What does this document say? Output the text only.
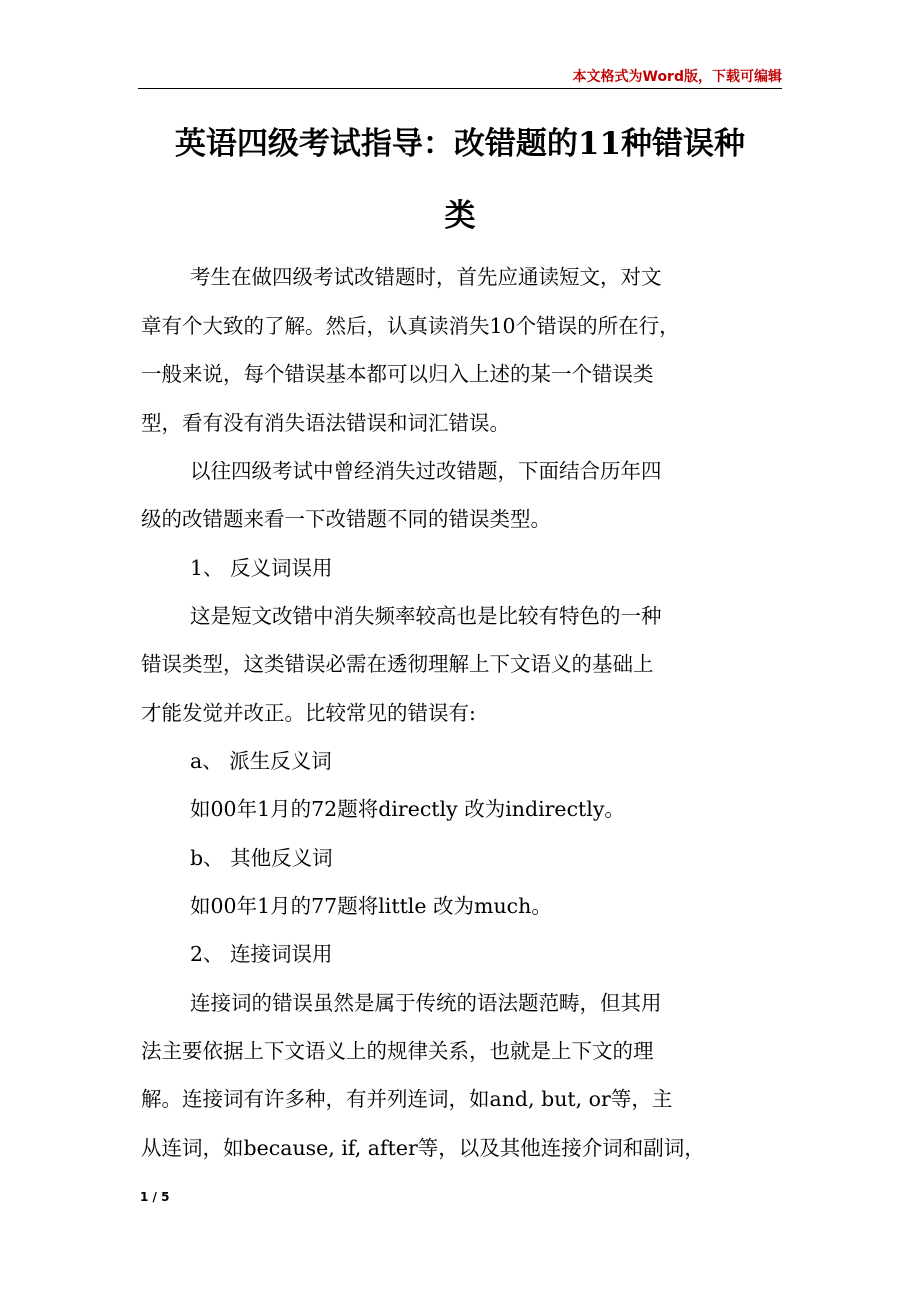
本文格式为Word版，下载可编辑
英语四级考试指导：改错题的11种错误种
类
考生在做四级考试改错题时，首先应通读短文，对文
章有个大致的了解。然后，认真读消失10个错误的所在行，
一般来说，每个错误基本都可以归入上述的某一个错误类
型，看有没有消失语法错误和词汇错误。
以往四级考试中曾经消失过改错题，下面结合历年四
级的改错题来看一下改错题不同的错误类型。
1、 反义词误用
这是短文改错中消失频率较高也是比较有特色的一种
错误类型，这类错误必需在透彻理解上下文语义的基础上
才能发觉并改正。比较常见的错误有:
a、 派生反义词
如00年1月的72题将directly 改为indirectly。
b、 其他反义词
如00年1月的77题将little 改为much。
2、 连接词误用
连接词的错误虽然是属于传统的语法题范畴，但其用
法主要依据上下文语义上的规律关系，也就是上下文的理
解。连接词有许多种，有并列连词，如and, but, or等，主
从连词，如because, if, after等，以及其他连接介词和副词，
1 / 5
